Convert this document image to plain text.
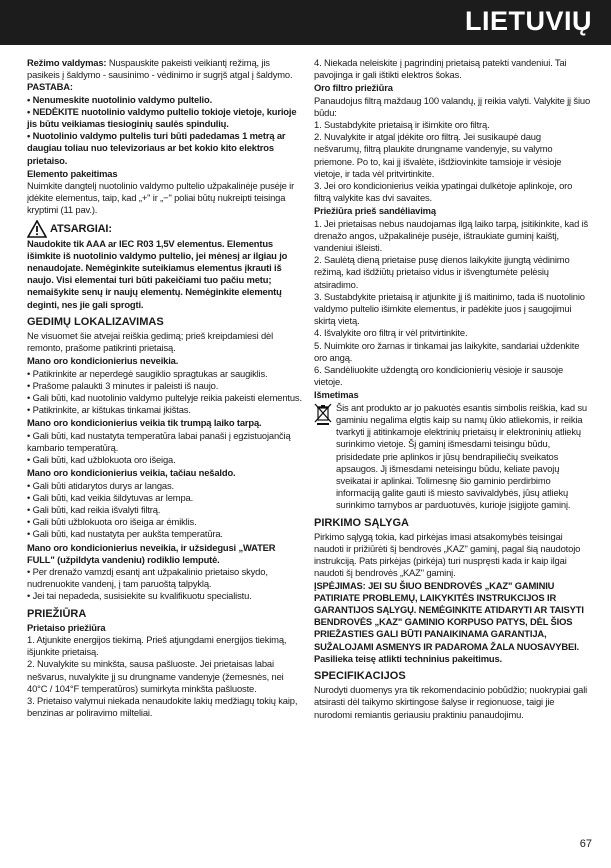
LIETUVIŲ

Režimo valdymas: Nuspauskite pakeisti veikiantį režimą, jis pasikeis į šaldymo - sausinimo - vėdinimo ir sugrįš atgal į šaldymo.

PASTABA:

• Nenumeskite nuotolinio valdymo pultelio.

• NEDĖKITE nuotolinio valdymo pultelio tokioje vietoje, kurioje jis būtu veikiamas tiesioginių saulės spindulių.

• Nuotolinio valdymo pultelis turi būti padedamas 1 metrą ar daugiau toliau nuo televizoriaus ar bet kokio kito elektros prietaiso.

Elemento pakeitimas

Nuimkite dangtelį nuotolinio valdymo pultelio užpakalinėje pusėje ir įdėkite elementus, taip, kad „+" ir „−" poliai būtų nukreipti teisinga kryptimi (11 pav.).

ATSARGIAI:

Naudokite tik AAA ar IEC R03 1,5V elementus. Elementus išimkite iš nuotolinio valdymo pultelio, jei mėnesį ar ilgiau jo nenaudojate. Nemėginkite suteikiamus elementus įkrauti iš naujo. Visi elementai turi būti pakeičiami tuo pačiu metu; nemaišykite senų ir naujų elementų. Nemėginkite elementų deginti, nes jie gali sprogti.

GEDIMŲ LOKALIZAVIMAS

Ne visuomet šie atvejai reiškia gedimą; prieš kreipdamiesi dėl remonto, prašome patikrinti prietaisą.

Mano oro kondicionierius neveikia.

• Patikrinkite ar neperdegė saugiklio spragtukas ar saugiklis.

• Prašome palaukti 3 minutes ir paleisti iš naujo.

• Gali būti, kad nuotolinio valdymo pultelyje reikia pakeisti elementus.

• Patikrinkite, ar kištukas tinkamai įkištas.

Mano oro kondicionierius veikia tik trumpą laiko tarpą.

• Gali būti, kad nustatyta temperatūra labai panaši į egzistuojančią kambario temperatūrą.

• Gali būti, kad užblokuota oro išeiga.

Mano oro kondicionierius veikia, tačiau nešaldo.

• Gali būti atidarytos durys ar langas.

• Gali būti, kad veikia šildytuvas ar lempa.

• Gali būti, kad reikia išvalyti filtrą.

• Gali būti užblokuota oro išeiga ar ėmiklis.

• Gali būti, kad nustatyta per aukšta temperatūra.

Mano oro kondicionierius neveikia, ir užsidegusi „WATER FULL" (užpildyta vandeniu) rodiklio lemputė.

• Per drenažo vamzdį esantį ant užpakalinio prietaiso skydo, nudrenuokite vandenį, į tam paruoštą talpyklą.

• Jei tai nepadeda, susisiekite su kvalifikuotu specialistu.

PRIEŽIŪRA

Prietaiso priežiūra

1. Atjunkite energijos tiekimą. Prieš atjungdami energijos tiekimą, išjunkite prietaisą.

2. Nuvalykite su minkšta, sausa pašluoste. Jei prietaisas labai nešvarus, nuvalykite jį su drungname vandenyje (žemesnės, nei 40°C / 104°F temperatūros) sumirkyta minkšta pašluoste.

3. Prietaiso valymui niekada nenaudokite lakių medžiagų tokių kaip, benzinas ar poliravimo milteliai.

4. Niekada neleiskite į pagrindinį prietaisą patekti vandeniui. Tai pavojinga ir gali ištikti elektros šokas.

Oro filtro priežiūra

Panaudojus filtrą maždaug 100 valandų, jį reikia valyti. Valykite jį šiuo būdu:

1. Sustabdykite prietaisą ir išimkite oro filtrą.

2. Nuvalykite ir atgal įdėkite oro filtrą. Jei susikaupė daug nešvarumų, filtrą plaukite drungname vandenyje, su valymo priemone. Po to, kai jį išvalėte, išdžiovinkite tamsioje ir vėsioje vietoje, ir tada vėl pritvirtinkite.

3. Jei oro kondicionierius veikia ypatingai dulkėtoje aplinkoje, oro filtrą valykite kas dvi savaites.

Priežiūra prieš sandėliavimą

1. Jei prietaisas nebus naudojamas ilgą laiko tarpą, įsitikinkite, kad iš drenažo angos, užpakalinėje pusėje, ištraukiate guminį kaištį, vandeniui išleisti.

2. Saulėtą dieną prietaise pusę dienos laikykite įjungtą vėdinimo režimą, kad išdžiūtų prietaiso vidus ir išvengtumėte pelėsių atsiradimo.

3. Sustabdykite prietaisą ir atjunkite jį iš maitinimo, tada iš nuotolinio valdymo pultelio išimkite elementus, ir padėkite juos į saugojimui skirtą vietą.

4. Išvalykite oro filtrą ir vėl pritvirtinkite.

5. Nuimkite oro žarnas ir tinkamai jas laikykite, sandariai uždenkite oro angą.

6. Sandėliuokite uždengtą oro kondicionierių vėsioje ir sausoje vietoje.

Išmetimas

Šis ant produkto ar jo pakuotės esantis simbolis reiškia, kad su gaminiu negalima elgtis kaip su namų ūkio atliekomis, ir reikia tvarkyti jį atitinkamoje elektrinių prietaisų ir elektroninių atliekų surinkimo vietoje. Šį gaminį išmesdami teisingu būdu, prisidedate prie aplinkos ir jūsų bendrapiliečių sveikatos apsaugos. Jį išmesdami neteisingu būdu, keliate pavojų sveikatai ir aplinkai. Tolimesnę šio gaminio perdirbimo informaciją galite gauti iš miesto savivaldybės, jūsų atliekų surinkimo tarnybos ar parduotuvės, kurioje įsigijote gaminį.

PIRKIMO SĄLYGA

Pirkimo sąlygą tokia, kad pirkėjas imasi atsakomybės teisingai naudoti ir prižiūrėti šį bendrovės „KAZ" gaminį, pagal šią naudotojo instrukciją. Pats pirkėjas (pirkėja) turi nuspręsti kada ir kaip ilgai naudoti šį bendrovės „KAZ" gaminį.

ĮSPĖJIMAS: JEI SU ŠIUO BENDROVĖS „KAZ" GAMINIU PATIRIATE PROBLEMŲ, LAIKYKITĖS INSTRUKCIJOS IR GARANTIJOS SĄLYGŲ. NEMĖGINKITE ATIDARYTI AR TAISYTI BENDROVĖS „KAZ" GAMINIO KORPUSO PATYS, DĖL ŠIOS PRIEŽASTIES GALI BŪTI PANAIKINAMA GARANTIJA, SUŽALOJAMI ASMENYS IR PADAROMA ŽALA NUOSAVYBEI. Pasilieka teisę atlikti techninius pakeitimus.

SPECIFIKACIJOS

Nurodyti duomenys yra tik rekomendacinio pobūdžio; nuokrypiai gali atsirasti dėl taikymo skirtingose šalyse ir regionuose, taigi jie nurodomi remiantis geriausiu praktiniu panaudojimu.

67
